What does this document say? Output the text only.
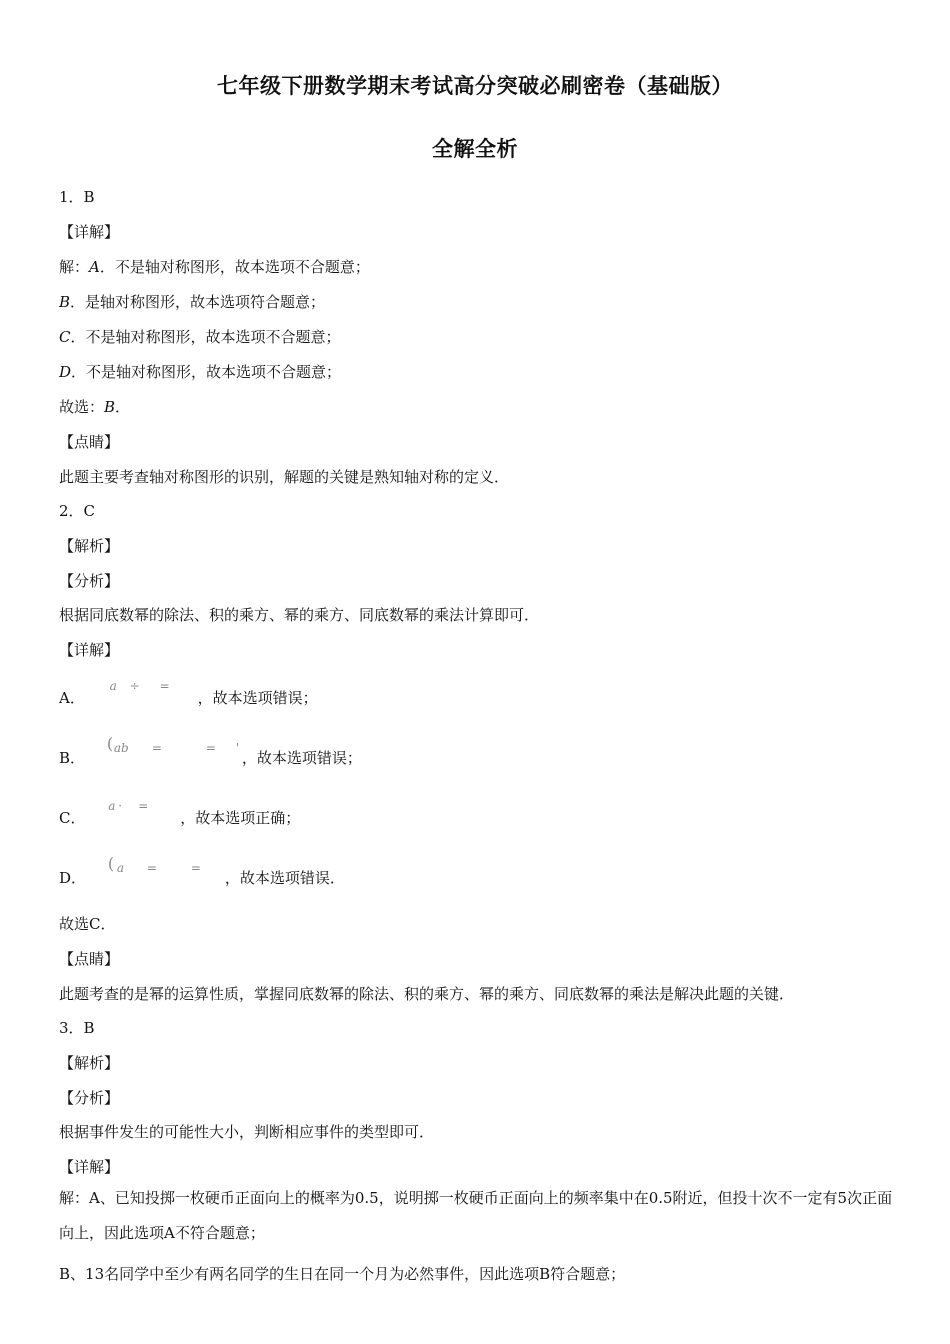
七年级下册数学期末考试高分突破必刷密卷（基础版）
全解全析
1．B
【详解】
解：A．不是轴对称图形，故本选项不合题意；
B．是轴对称图形，故本选项符合题意；
C．不是轴对称图形，故本选项不合题意；
D．不是轴对称图形，故本选项不合题意；
故选：B．
【点睛】
此题主要考查轴对称图形的识别，解题的关键是熟知轴对称的定义．
2．C
【解析】
【分析】
根据同底数幂的除法、积的乘方、幂的乘方、同底数幂的乘法计算即可．
【详解】
A．
a ÷ =
，故本选项错误；
B．
( ab =	= '
，故本选项错误；
C．
a · =
，故本选项正确；
D．
( a =	=
，故本选项错误．
故选C．
【点睛】
此题考查的是幂的运算性质，掌握同底数幂的除法、积的乘方、幂的乘方、同底数幂的乘法是解决此题的关键．
3．B
【解析】
【分析】
根据事件发生的可能性大小，判断相应事件的类型即可．
【详解】
解：A、已知投掷一枚硬币正面向上的概率为0.5，说明掷一枚硬币正面向上的频率集中在0.5附近，但投十次不一定有5次正面向上，因此选项A不符合题意；
B、13名同学中至少有两名同学的生日在同一个月为必然事件，因此选项B符合题意；
